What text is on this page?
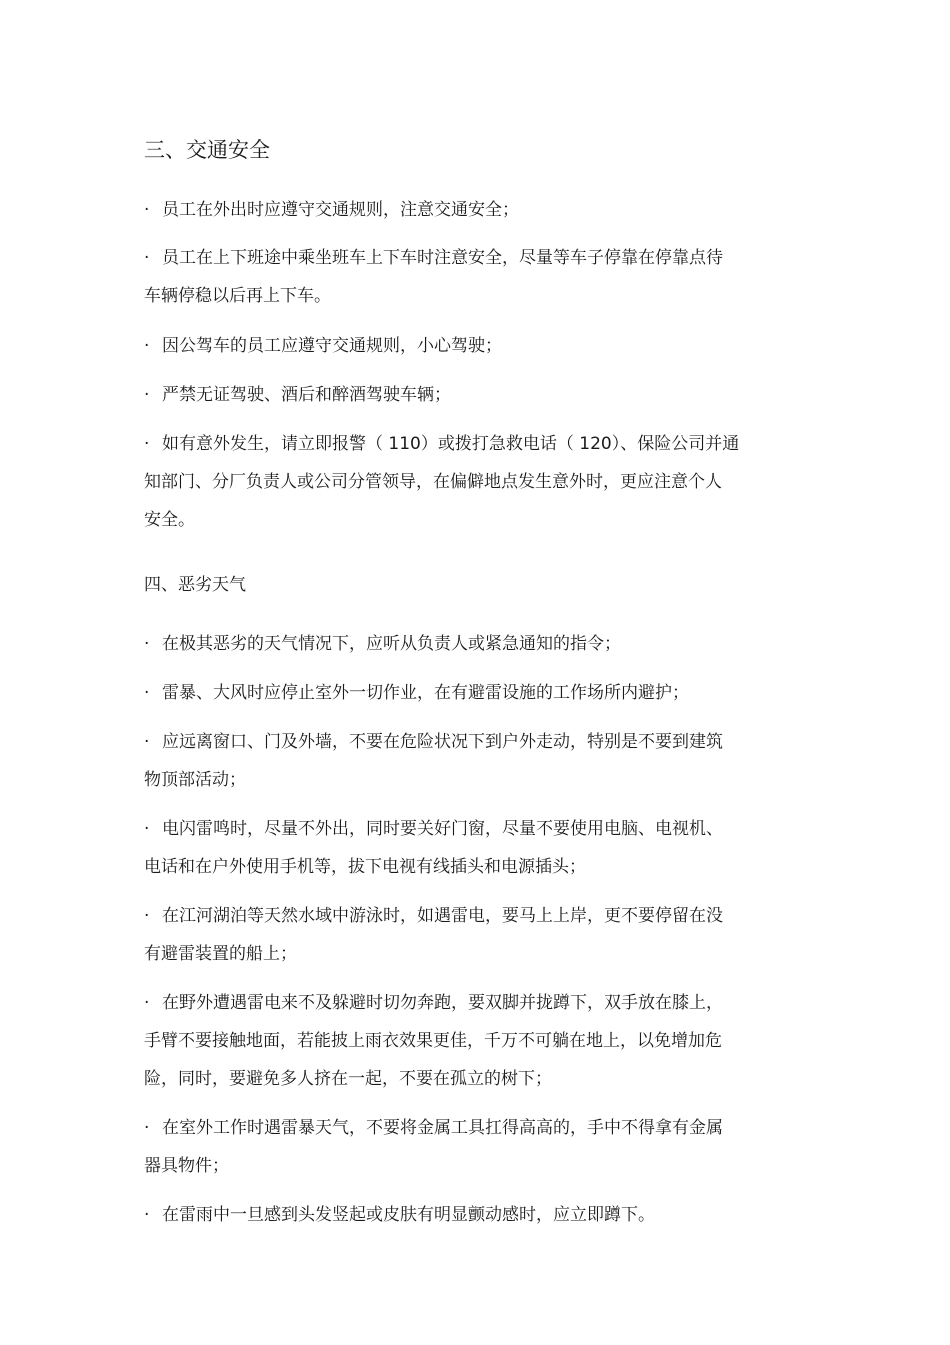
三、交通安全
· 员工在外出时应遵守交通规则，注意交通安全；
· 员工在上下班途中乘坐班车上下车时注意安全，尽量等车子停靠在停靠点待
车辆停稳以后再上下车。
· 因公驾车的员工应遵守交通规则，小心驾驶；
· 严禁无证驾驶、酒后和醉酒驾驶车辆；
· 如有意外发生，请立即报警（ 110）或拨打急救电话（ 120）、保险公司并通
知部门、分厂负责人或公司分管领导，在偏僻地点发生意外时，更应注意个人
安全。
四、恶劣天气
· 在极其恶劣的天气情况下，应听从负责人或紧急通知的指令；
· 雷暴、大风时应停止室外一切作业，在有避雷设施的工作场所内避护；
· 应远离窗口、门及外墙，不要在危险状况下到户外走动，特别是不要到建筑
物顶部活动；
· 电闪雷鸣时，尽量不外出，同时要关好门窗，尽量不要使用电脑、电视机、
电话和在户外使用手机等，拔下电视有线插头和电源插头；
· 在江河湖泊等天然水域中游泳时，如遇雷电，要马上上岸，更不要停留在没
有避雷装置的船上；
· 在野外遭遇雷电来不及躲避时切勿奔跑，要双脚并拢蹲下，双手放在膝上，
手臂不要接触地面，若能披上雨衣效果更佳，千万不可躺在地上，以免增加危
险，同时，要避免多人挤在一起，不要在孤立的树下；
· 在室外工作时遇雷暴天气，不要将金属工具扛得高高的，手中不得拿有金属
器具物件；
· 在雷雨中一旦感到头发竖起或皮肤有明显颤动感时，应立即蹲下。
